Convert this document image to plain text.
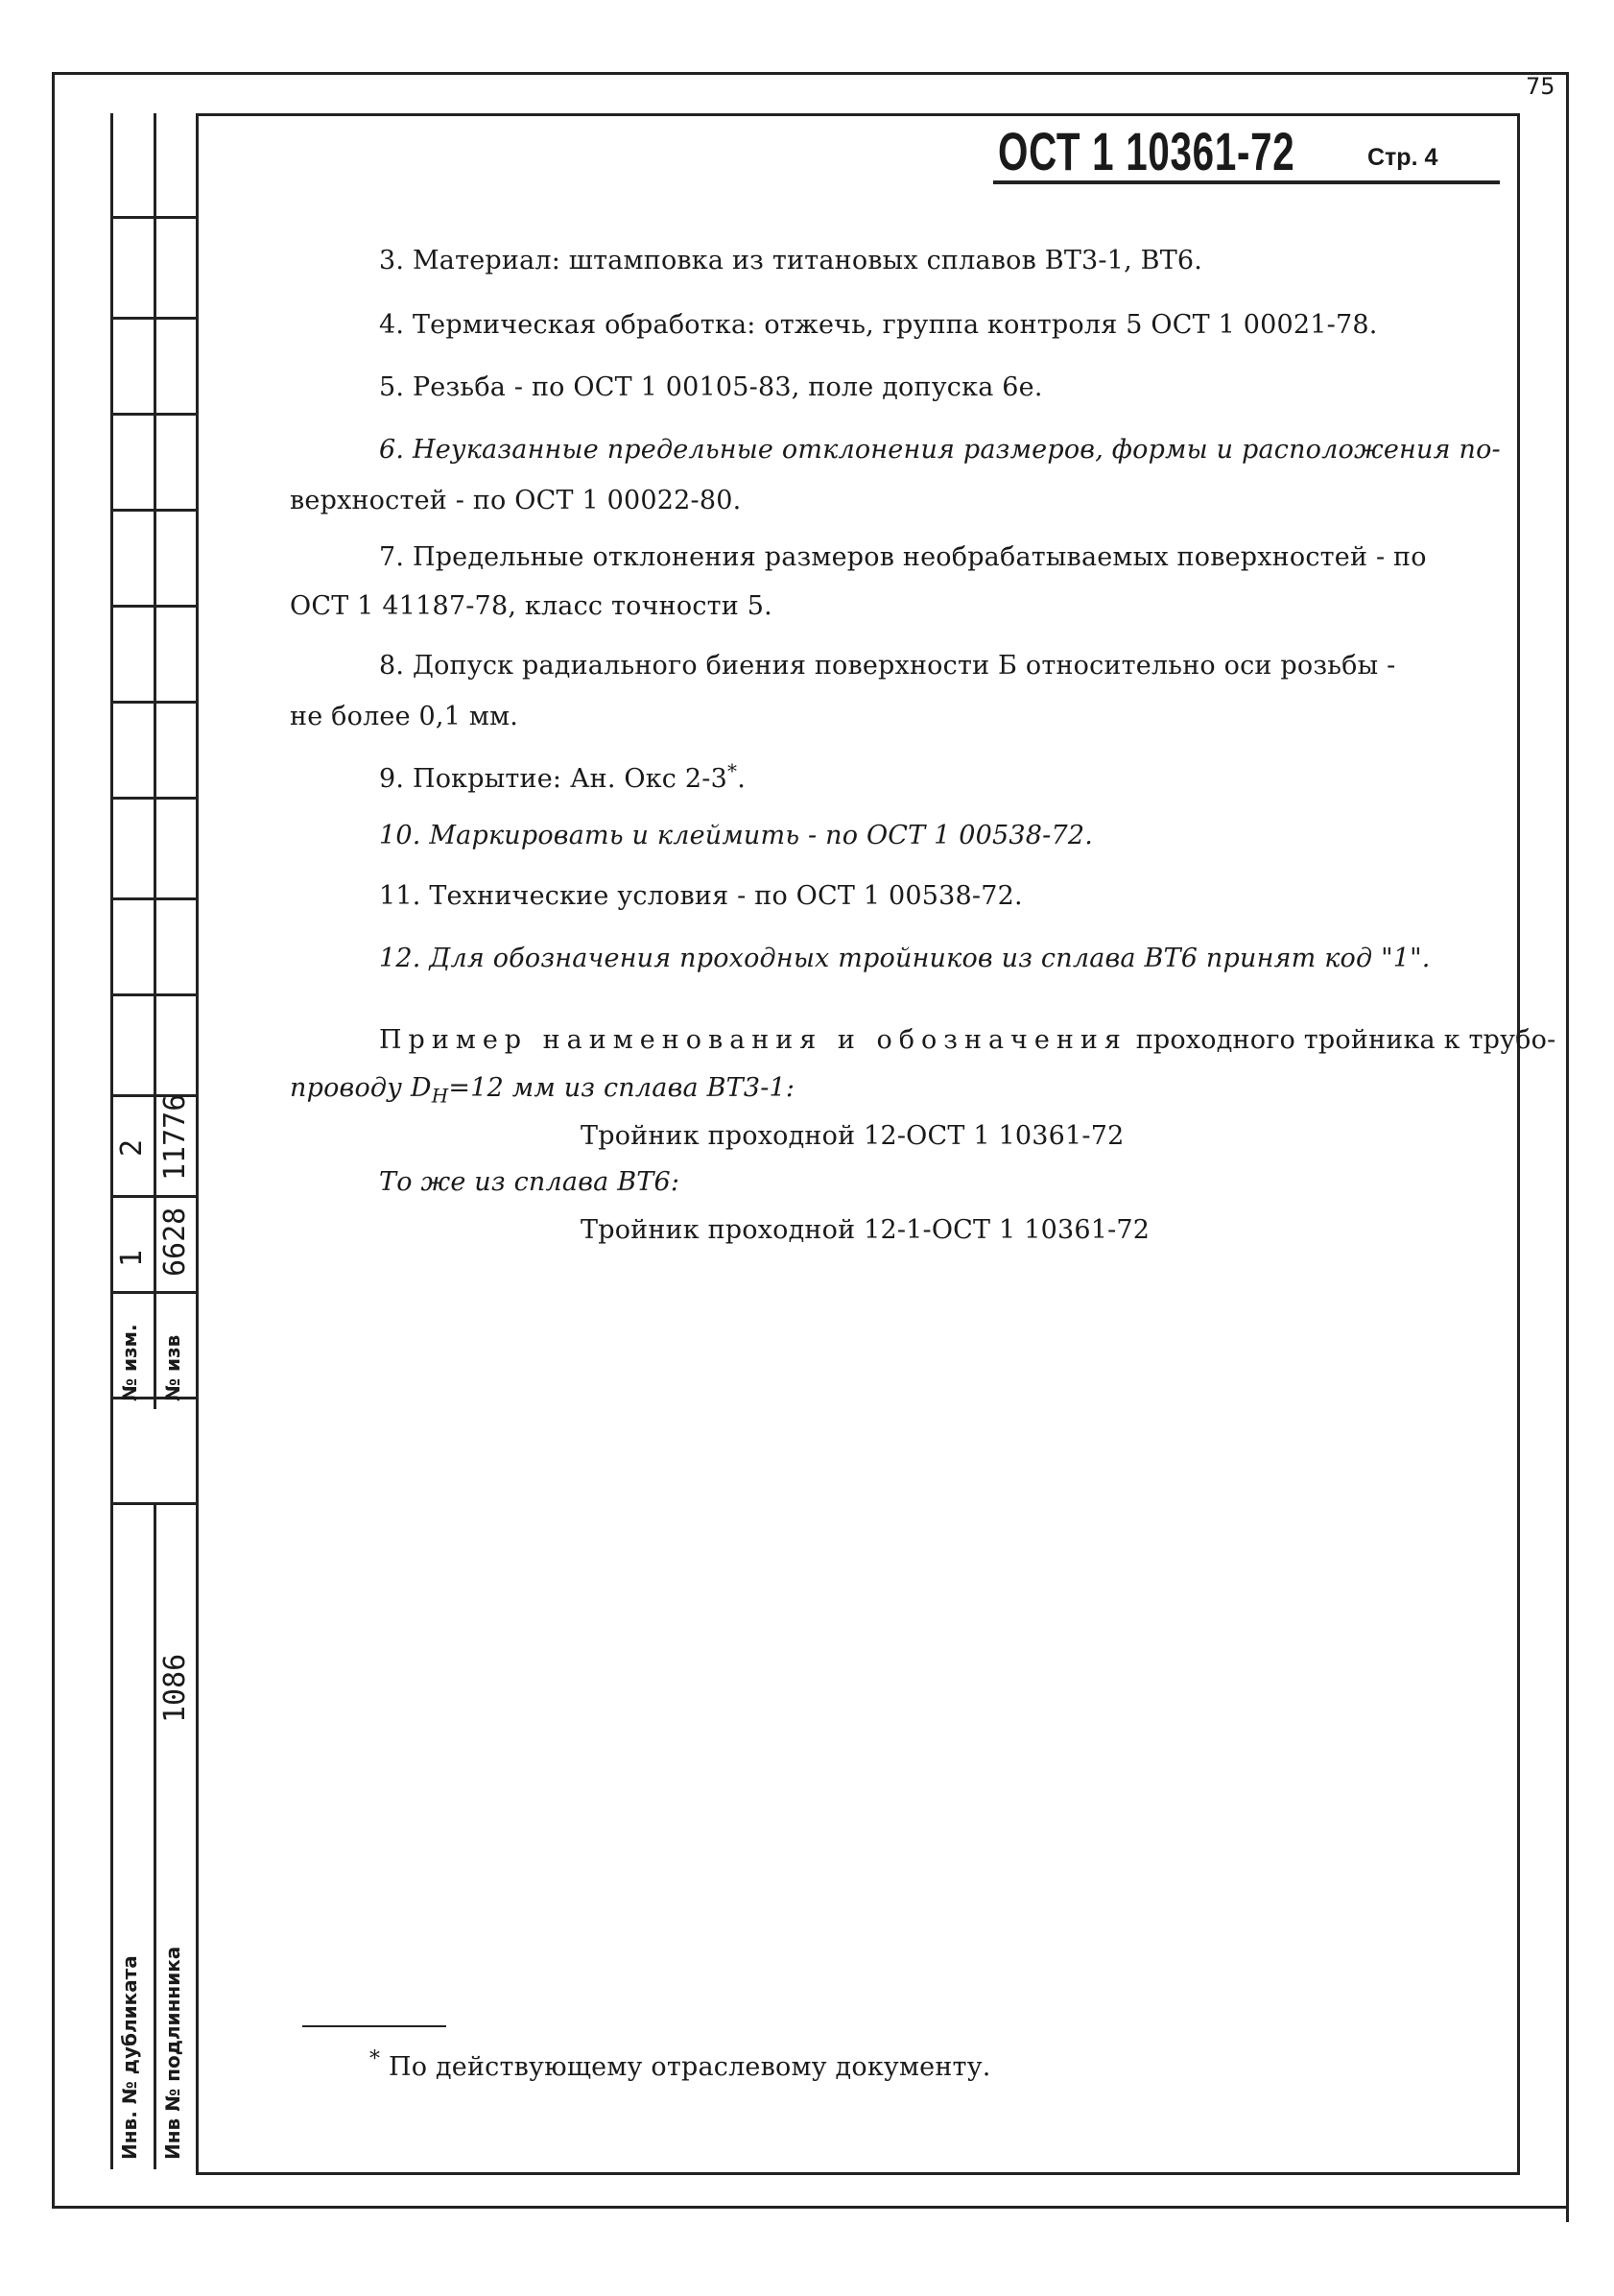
75
№ изм. № изв
1 6628
2 11776
1086
Инв. № дубликата Инв № подлинника
ОСТ 1 10361-72	Стр. 4
3. Материал: штамповка из титановых сплавов ВТ3-1, ВТ6.
4. Термическая обработка: отжечь, группа контроля 5 ОСТ 1 00021-78.
5. Резьба - по ОСТ 1 00105-83, поле допуска 6е.
6. Неуказанные предельные отклонения размеров, формы и расположения по-
верхностей - по ОСТ 1 00022-80.
7. Предельные отклонения размеров необрабатываемых поверхностей - по
ОСТ 1 41187-78, класс точности 5.
8. Допуск радиального биения поверхности Б относительно оси розьбы -
не более 0,1 мм.
9. Покрытие: Ан. Окс 2-3*.
10. Маркировать и клеймить - по ОСТ 1 00538-72.
11. Технические условия - по ОСТ 1 00538-72.
12. Для обозначения проходных тройников из сплава ВТ6 принят код "1".
Пример наименования и обозначения проходного тройника к трубо-
проводу $D_Н=12$ мм из сплава ВТ3-1:
Тройник проходной 12-ОСТ 1 10361-72
То же из сплава ВТ6:
Тройник проходной 12-1-ОСТ 1 10361-72
* По действующему отраслевому документу.
